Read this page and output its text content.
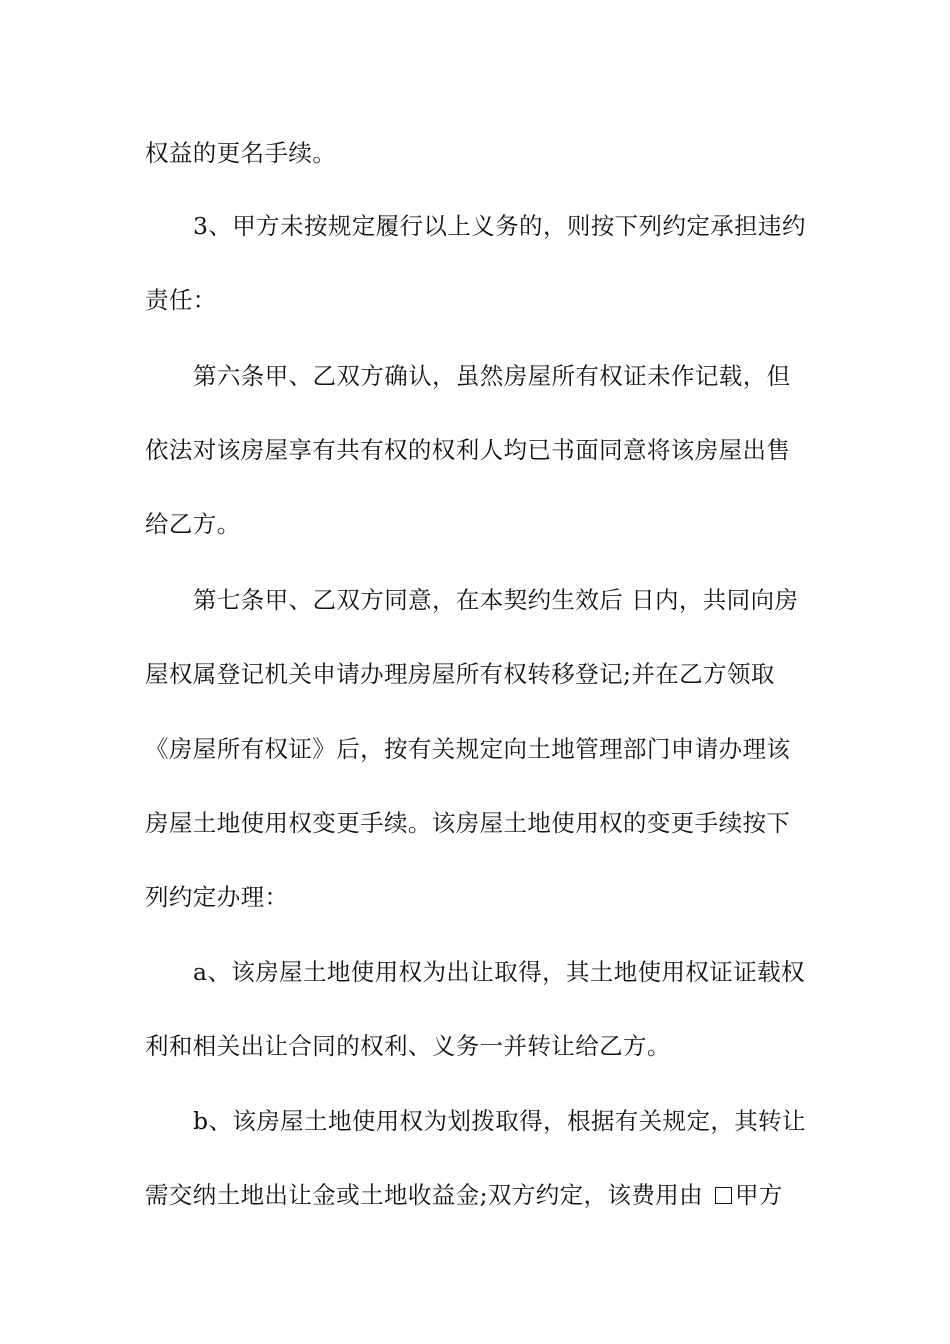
权益的更名手续。
3、甲方未按规定履行以上义务的，则按下列约定承担违约
责任：
第六条甲、乙双方确认，虽然房屋所有权证未作记载，但
依法对该房屋享有共有权的权利人均已书面同意将该房屋出售
给乙方。
第七条甲、乙双方同意，在本契约生效后 日内，共同向房
屋权属登记机关申请办理房屋所有权转移登记;并在乙方领取
《房屋所有权证》后，按有关规定向土地管理部门申请办理该
房屋土地使用权变更手续。该房屋土地使用权的变更手续按下
列约定办理：
a、该房屋土地使用权为出让取得，其土地使用权证证载权
利和相关出让合同的权利、义务一并转让给乙方。
b、该房屋土地使用权为划拨取得，根据有关规定，其转让
需交纳土地出让金或土地收益金;双方约定，该费用由 甲方
